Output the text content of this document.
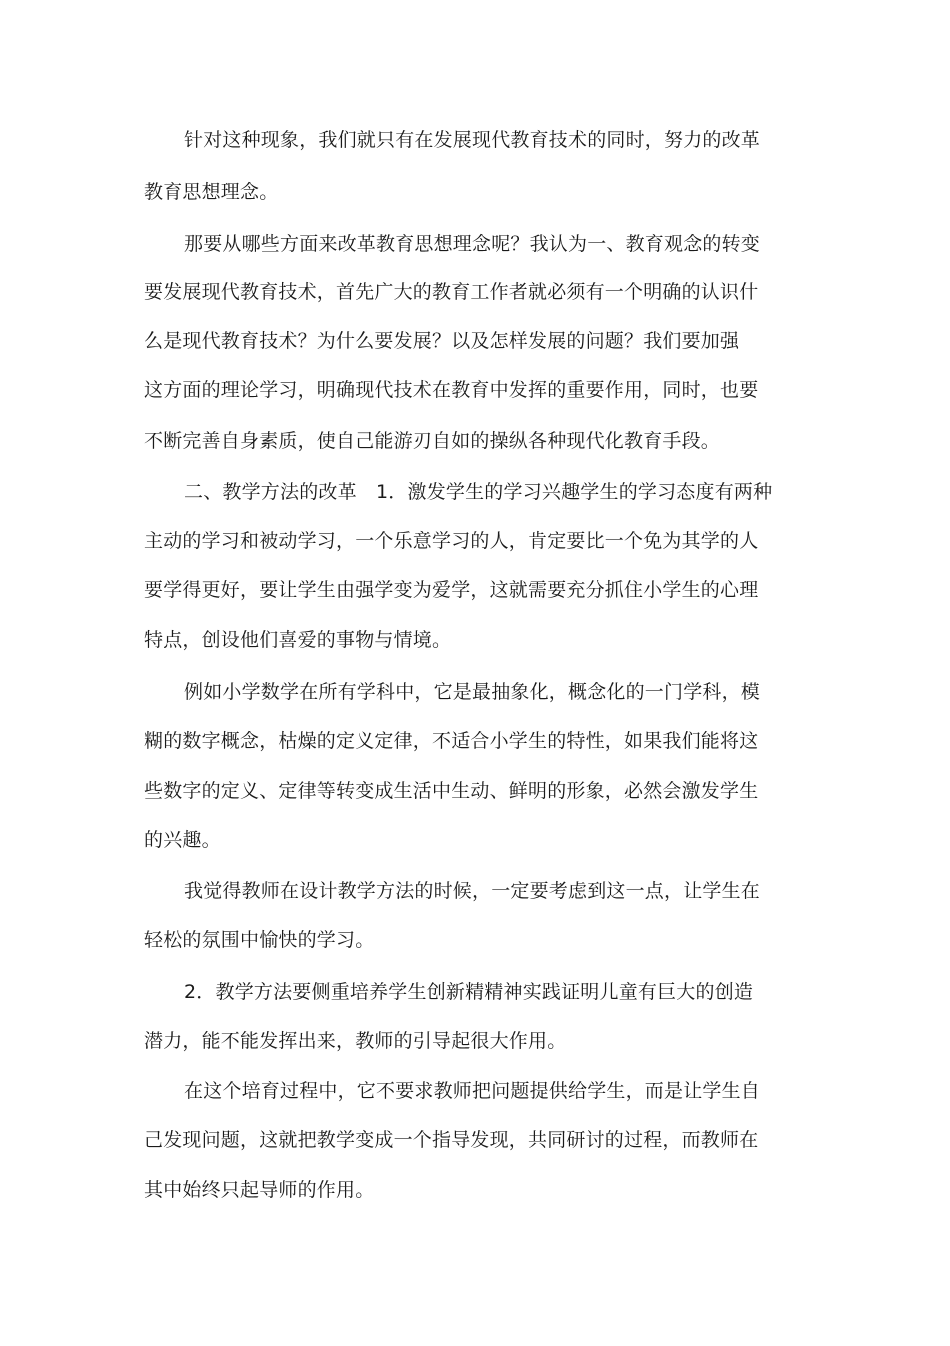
针对这种现象，我们就只有在发展现代教育技术的同时，努力的改革
教育思想理念。
那要从哪些方面来改革教育思想理念呢？我认为一、教育观念的转变
要发展现代教育技术，首先广大的教育工作者就必须有一个明确的认识什
么是现代教育技术？为什么要发展？以及怎样发展的问题？我们要加强
这方面的理论学习，明确现代技术在教育中发挥的重要作用，同时，也要
不断完善自身素质，使自己能游刃自如的操纵各种现代化教育手段。
二、教学方法的改革　1．激发学生的学习兴趣学生的学习态度有两种
主动的学习和被动学习，一个乐意学习的人，肯定要比一个免为其学的人
要学得更好，要让学生由强学变为爱学，这就需要充分抓住小学生的心理
特点，创设他们喜爱的事物与情境。
例如小学数学在所有学科中，它是最抽象化，概念化的一门学科，模
糊的数字概念，枯燥的定义定律，不适合小学生的特性，如果我们能将这
些数字的定义、定律等转变成生活中生动、鲜明的形象，必然会激发学生
的兴趣。
我觉得教师在设计教学方法的时候，一定要考虑到这一点，让学生在
轻松的氛围中愉快的学习。
2．教学方法要侧重培养学生创新精精神实践证明儿童有巨大的创造
潜力，能不能发挥出来，教师的引导起很大作用。
在这个培育过程中，它不要求教师把问题提供给学生，而是让学生自
己发现问题，这就把教学变成一个指导发现，共同研讨的过程，而教师在
其中始终只起导师的作用。
